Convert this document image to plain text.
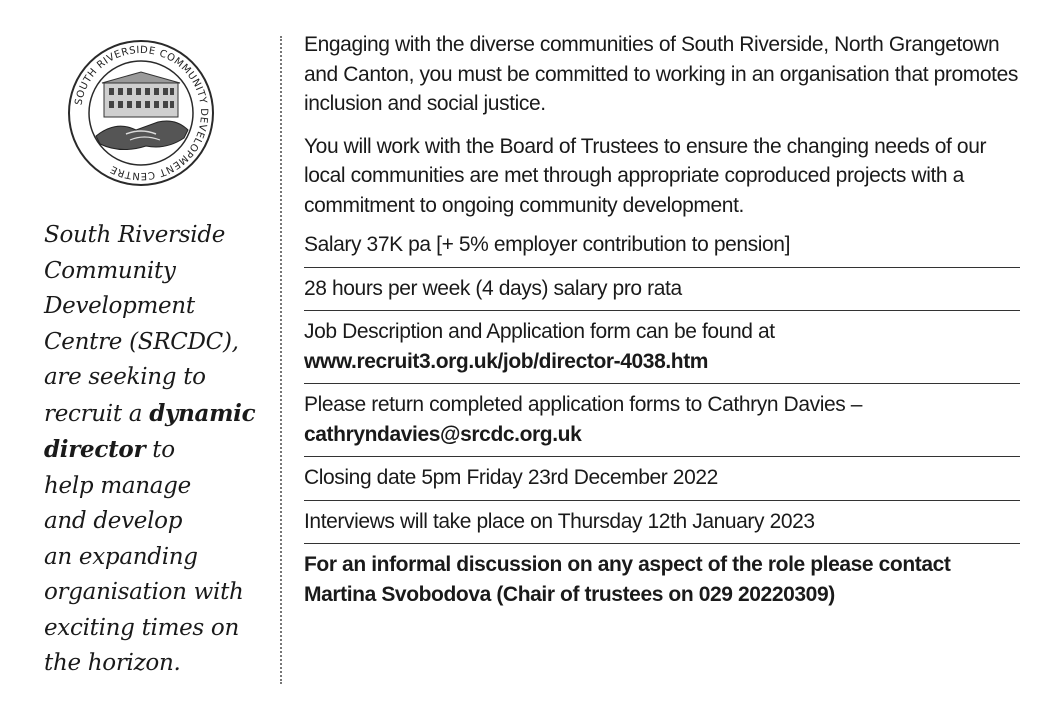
SOUTH RIVERSIDE COMMUNITY DEVELOPMENT CENTRE
South Riverside
Community
Development
Centre (SRCDC),
are seeking to
recruit a dynamic
director to
help manage
and develop
an expanding
organisation with
exciting times on
the horizon.

Engaging with the diverse communities of South Riverside, North Grangetown and Canton, you must be committed to working in an organisation that promotes inclusion and social justice.

You will work with the Board of Trustees to ensure the changing needs of our local communities are met through appropriate coproduced projects with a commitment to ongoing community development.

Salary 37K pa [+ 5% employer contribution to pension]
28 hours per week (4 days) salary pro rata
Job Description and Application form can be found at
www.recruit3.org.uk/job/director-4038.htm
Please return completed application forms to Cathryn Davies –
cathryndavies@srcdc.org.uk
Closing date 5pm Friday 23rd December 2022
Interviews will take place on Thursday 12th January 2023
For an informal discussion on any aspect of the role please contact
Martina Svobodova (Chair of trustees on 029 20220309)
